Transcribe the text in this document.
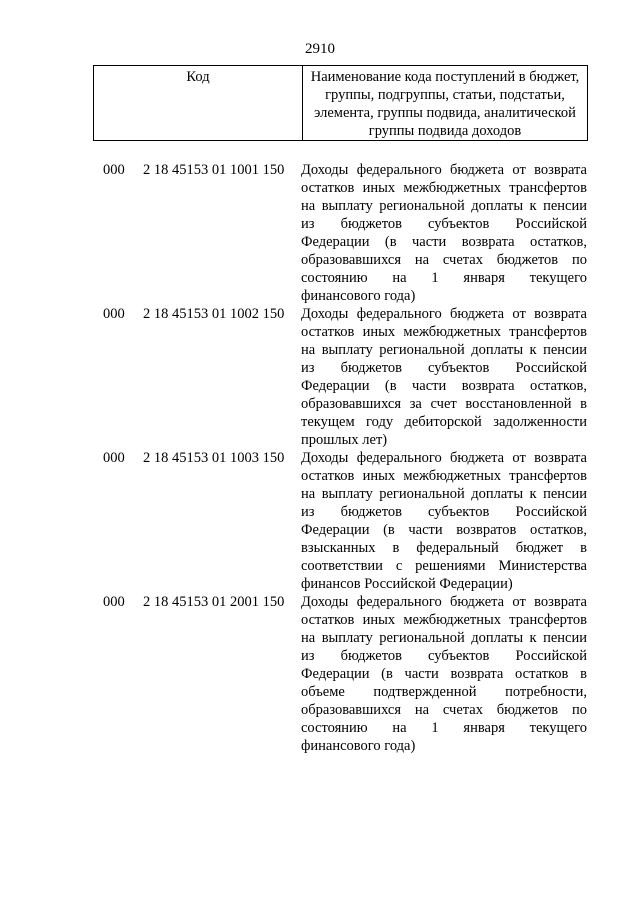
2910
Код	Наименование кода поступлений в бюджет, группы, подгруппы, статьи, подстатьи, элемента, группы подвида, аналитической группы подвида доходов
000 2 18 45153 01 1001 150 Доходы федерального бюджета от возврата
остатков иных межбюджетных трансфертов
на выплату региональной доплаты к пенсии
из бюджетов субъектов Российской
Федерации (в части возврата остатков,
образовавшихся на счетах бюджетов по
состоянию на 1 января текущего
финансового года)
000 2 18 45153 01 1002 150 Доходы федерального бюджета от возврата
остатков иных межбюджетных трансфертов
на выплату региональной доплаты к пенсии
из бюджетов субъектов Российской
Федерации (в части возврата остатков,
образовавшихся за счет восстановленной в
текущем году дебиторской задолженности
прошлых лет)
000 2 18 45153 01 1003 150 Доходы федерального бюджета от возврата
остатков иных межбюджетных трансфертов
на выплату региональной доплаты к пенсии
из бюджетов субъектов Российской
Федерации (в части возвратов остатков,
взысканных в федеральный бюджет в
соответствии с решениями Министерства
финансов Российской Федерации)
000 2 18 45153 01 2001 150 Доходы федерального бюджета от возврата
остатков иных межбюджетных трансфертов
на выплату региональной доплаты к пенсии
из бюджетов субъектов Российской
Федерации (в части возврата остатков в
объеме подтвержденной потребности,
образовавшихся на счетах бюджетов по
состоянию на 1 января текущего
финансового года)
